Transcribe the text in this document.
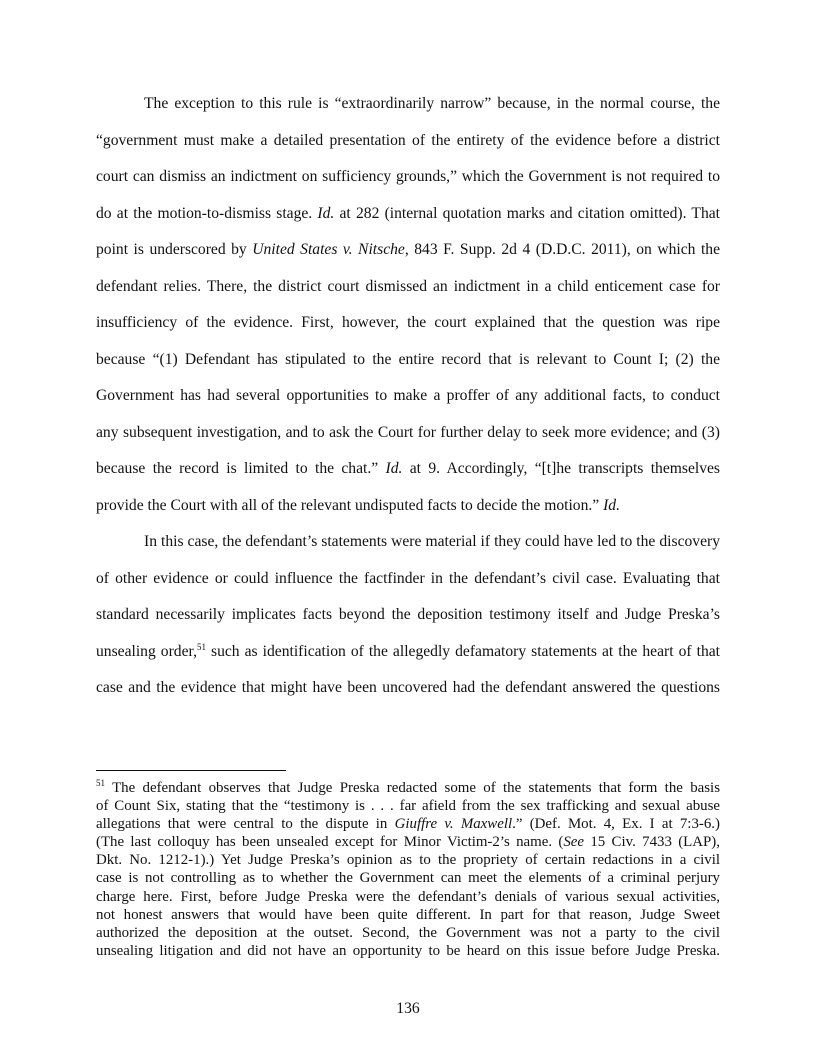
The exception to this rule is “extraordinarily narrow” because, in the normal course, the
“government must make a detailed presentation of the entirety of the evidence before a district
court can dismiss an indictment on sufficiency grounds,” which the Government is not required to
do at the motion-to-dismiss stage. Id. at 282 (internal quotation marks and citation omitted). That
point is underscored by United States v. Nitsche, 843 F. Supp. 2d 4 (D.D.C. 2011), on which the
defendant relies. There, the district court dismissed an indictment in a child enticement case for
insufficiency of the evidence. First, however, the court explained that the question was ripe
because “(1) Defendant has stipulated to the entire record that is relevant to Count I; (2) the
Government has had several opportunities to make a proffer of any additional facts, to conduct
any subsequent investigation, and to ask the Court for further delay to seek more evidence; and (3)
because the record is limited to the chat.” Id. at 9. Accordingly, “[t]he transcripts themselves
provide the Court with all of the relevant undisputed facts to decide the motion.” Id.
In this case, the defendant’s statements were material if they could have led to the discovery
of other evidence or could influence the factfinder in the defendant’s civil case. Evaluating that
standard necessarily implicates facts beyond the deposition testimony itself and Judge Preska’s
unsealing order,$^{51}$ such as identification of the allegedly defamatory statements at the heart of that
case and the evidence that might have been uncovered had the defendant answered the questions
$^{51}$ The defendant observes that Judge Preska redacted some of the statements that form the basis
of Count Six, stating that the “testimony is . . . far afield from the sex trafficking and sexual abuse
allegations that were central to the dispute in Giuffre v. Maxwell.” (Def. Mot. 4, Ex. I at 7:3-6.)
(The last colloquy has been unsealed except for Minor Victim-2’s name. (See 15 Civ. 7433 (LAP),
Dkt. No. 1212-1).) Yet Judge Preska’s opinion as to the propriety of certain redactions in a civil
case is not controlling as to whether the Government can meet the elements of a criminal perjury
charge here. First, before Judge Preska were the defendant’s denials of various sexual activities,
not honest answers that would have been quite different. In part for that reason, Judge Sweet
authorized the deposition at the outset. Second, the Government was not a party to the civil
unsealing litigation and did not have an opportunity to be heard on this issue before Judge Preska.
136
